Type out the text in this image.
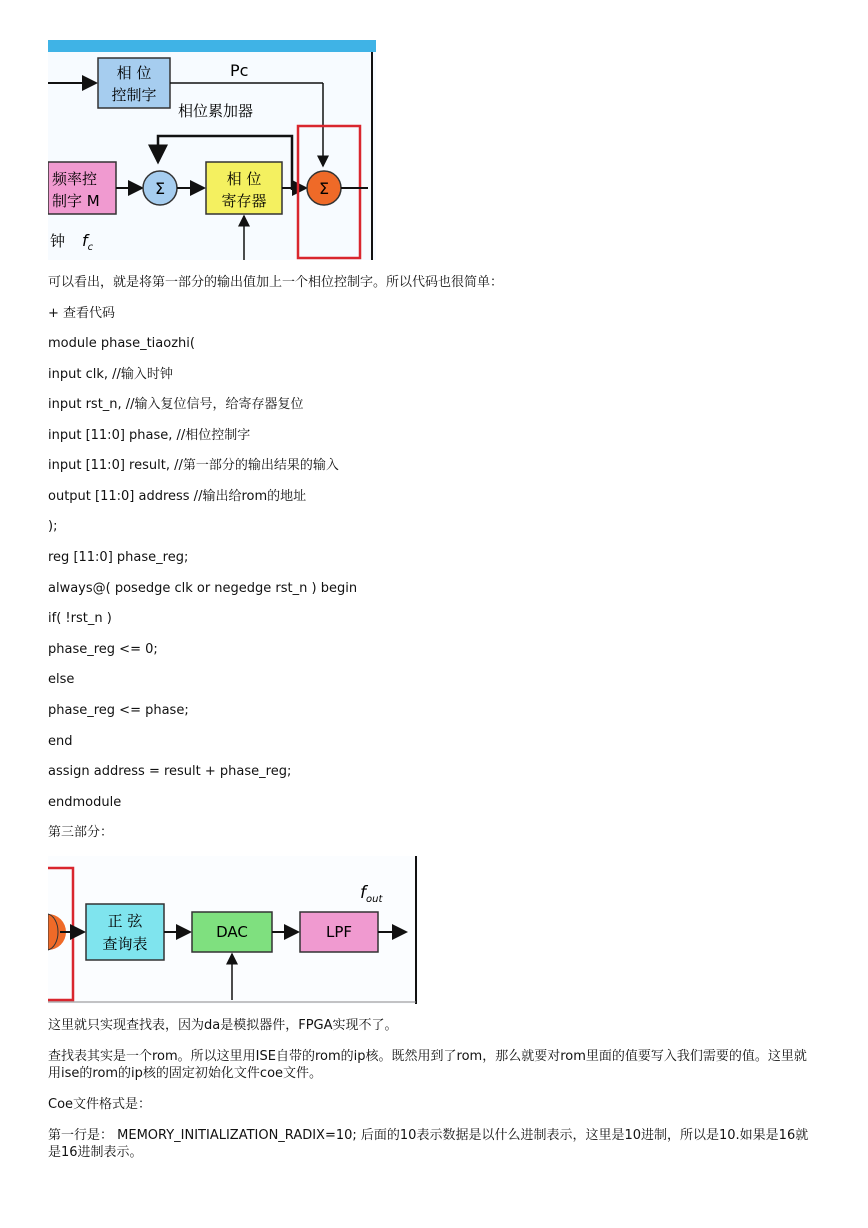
相 位
控制字
Pc
相位累加器
频率控
制字 M
Σ	相 位
寄存器
Σ
钟 $f_c$
可以看出，就是将第一部分的输出值加上一个相位控制字。所以代码也很简单：
+ 查看代码
module phase_tiaozhi(
input clk, //输入时钟
input rst_n, //输入复位信号，给寄存器复位
input [11:0] phase, //相位控制字
input [11:0] result, //第一部分的输出结果的输入
output [11:0] address //输出给rom的地址
);
reg [11:0] phase_reg;
always@( posedge clk or negedge rst_n ) begin
if( !rst_n )
phase_reg <= 0;
else
phase_reg <= phase;
end
assign address = result + phase_reg;
endmodule
第三部分：
正 弦
查询表
DAC	LPF
$f_{out}$
这里就只实现查找表，因为da是模拟器件，FPGA实现不了。
查找表其实是一个rom。所以这里用ISE自带的rom的ip核。既然用到了rom，那么就要对rom里面的值要写入我们需要的值。这里就用ise的rom的ip核的固定初始化文件coe文件。
Coe文件格式是：
第一行是： MEMORY_INITIALIZATION_RADIX=10; 后面的10表示数据是以什么进制表示，这里是10进制，所以是10.如果是16就是16进制表示。
